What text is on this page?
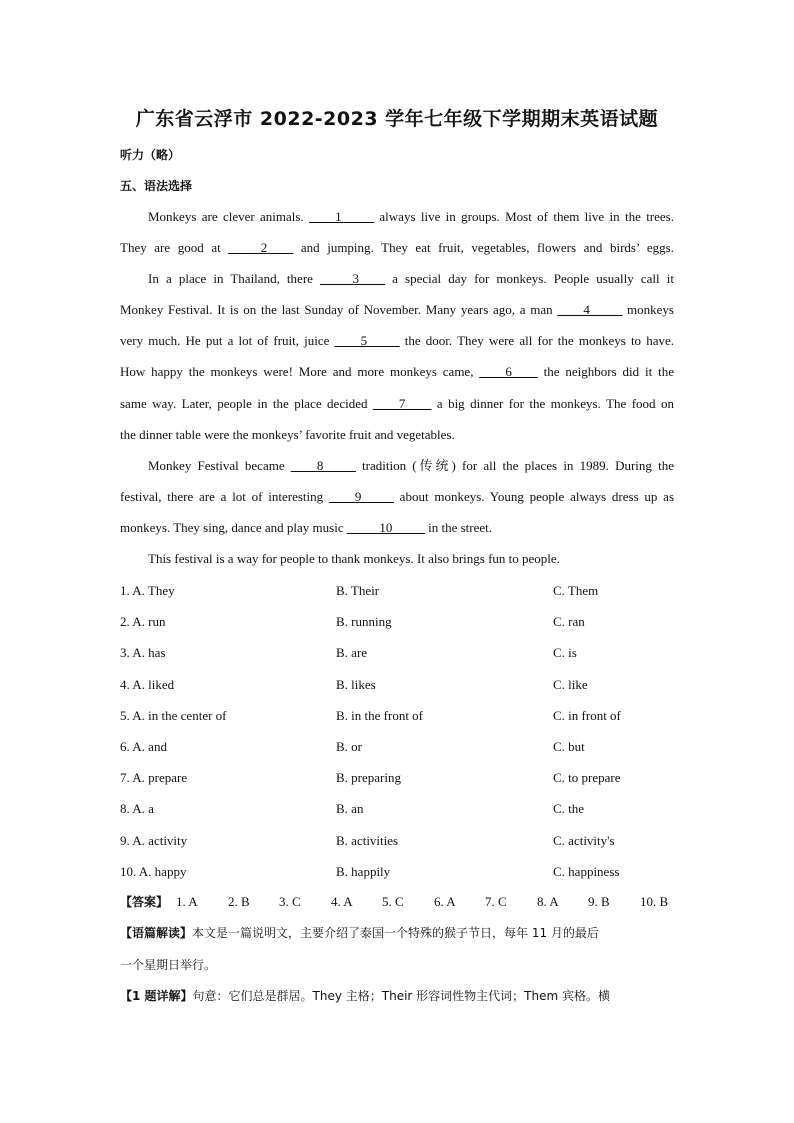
广东省云浮市 2022-2023 学年七年级下学期期末英语试题
听力（略）
五、语法选择
Monkeys are clever animals. ____1_____ always live in groups. Most of them live in the trees.
They are good at _____2____ and jumping. They eat fruit, vegetables, flowers and birds’ eggs.
In a place in Thailand, there _____3____ a special day for monkeys. People usually call it
Monkey Festival. It is on the last Sunday of November. Many years ago, a man ____4_____ monkeys
very much. He put a lot of fruit, juice ____5_____ the door. They were all for the monkeys to have.
How happy the monkeys were! More and more monkeys came, ____6____ the neighbors did it the
same way. Later, people in the place decided ____7____ a big dinner for the monkeys. The food on
the dinner table were the monkeys’ favorite fruit and vegetables.
Monkey Festival became ____8_____ tradition (传统) for all the places in 1989. During the
festival, there are a lot of interesting ____9_____ about monkeys. Young people always dress up as
monkeys. They sing, dance and play music _____10_____ in the street.
This festival is a way for people to thank monkeys. It also brings fun to people.
1. A. They	B. Their	C. Them
2. A. run	B. running	C. ran
3. A. has	B. are	C. is
4. A. liked	B. likes	C. like
5. A. in the center of	B. in the front of	C. in front of
6. A. and	B. or	C. but
7. A. prepare	B. preparing	C. to prepare
8. A. a	B. an	C. the
9. A. activity	B. activities	C. activity's
10. A. happy	B. happily	C. happiness
【答案】 1. A 2. B 3. C 4. A 5. C 6. A 7. C 8. A 9. B 10. B
【语篇解读】本文是一篇说明文，主要介绍了泰国一个特殊的猴子节日，每年 11 月的最后
一个星期日举行。
【1 题详解】句意：它们总是群居。They 主格；Their 形容词性物主代词；Them 宾格。横
